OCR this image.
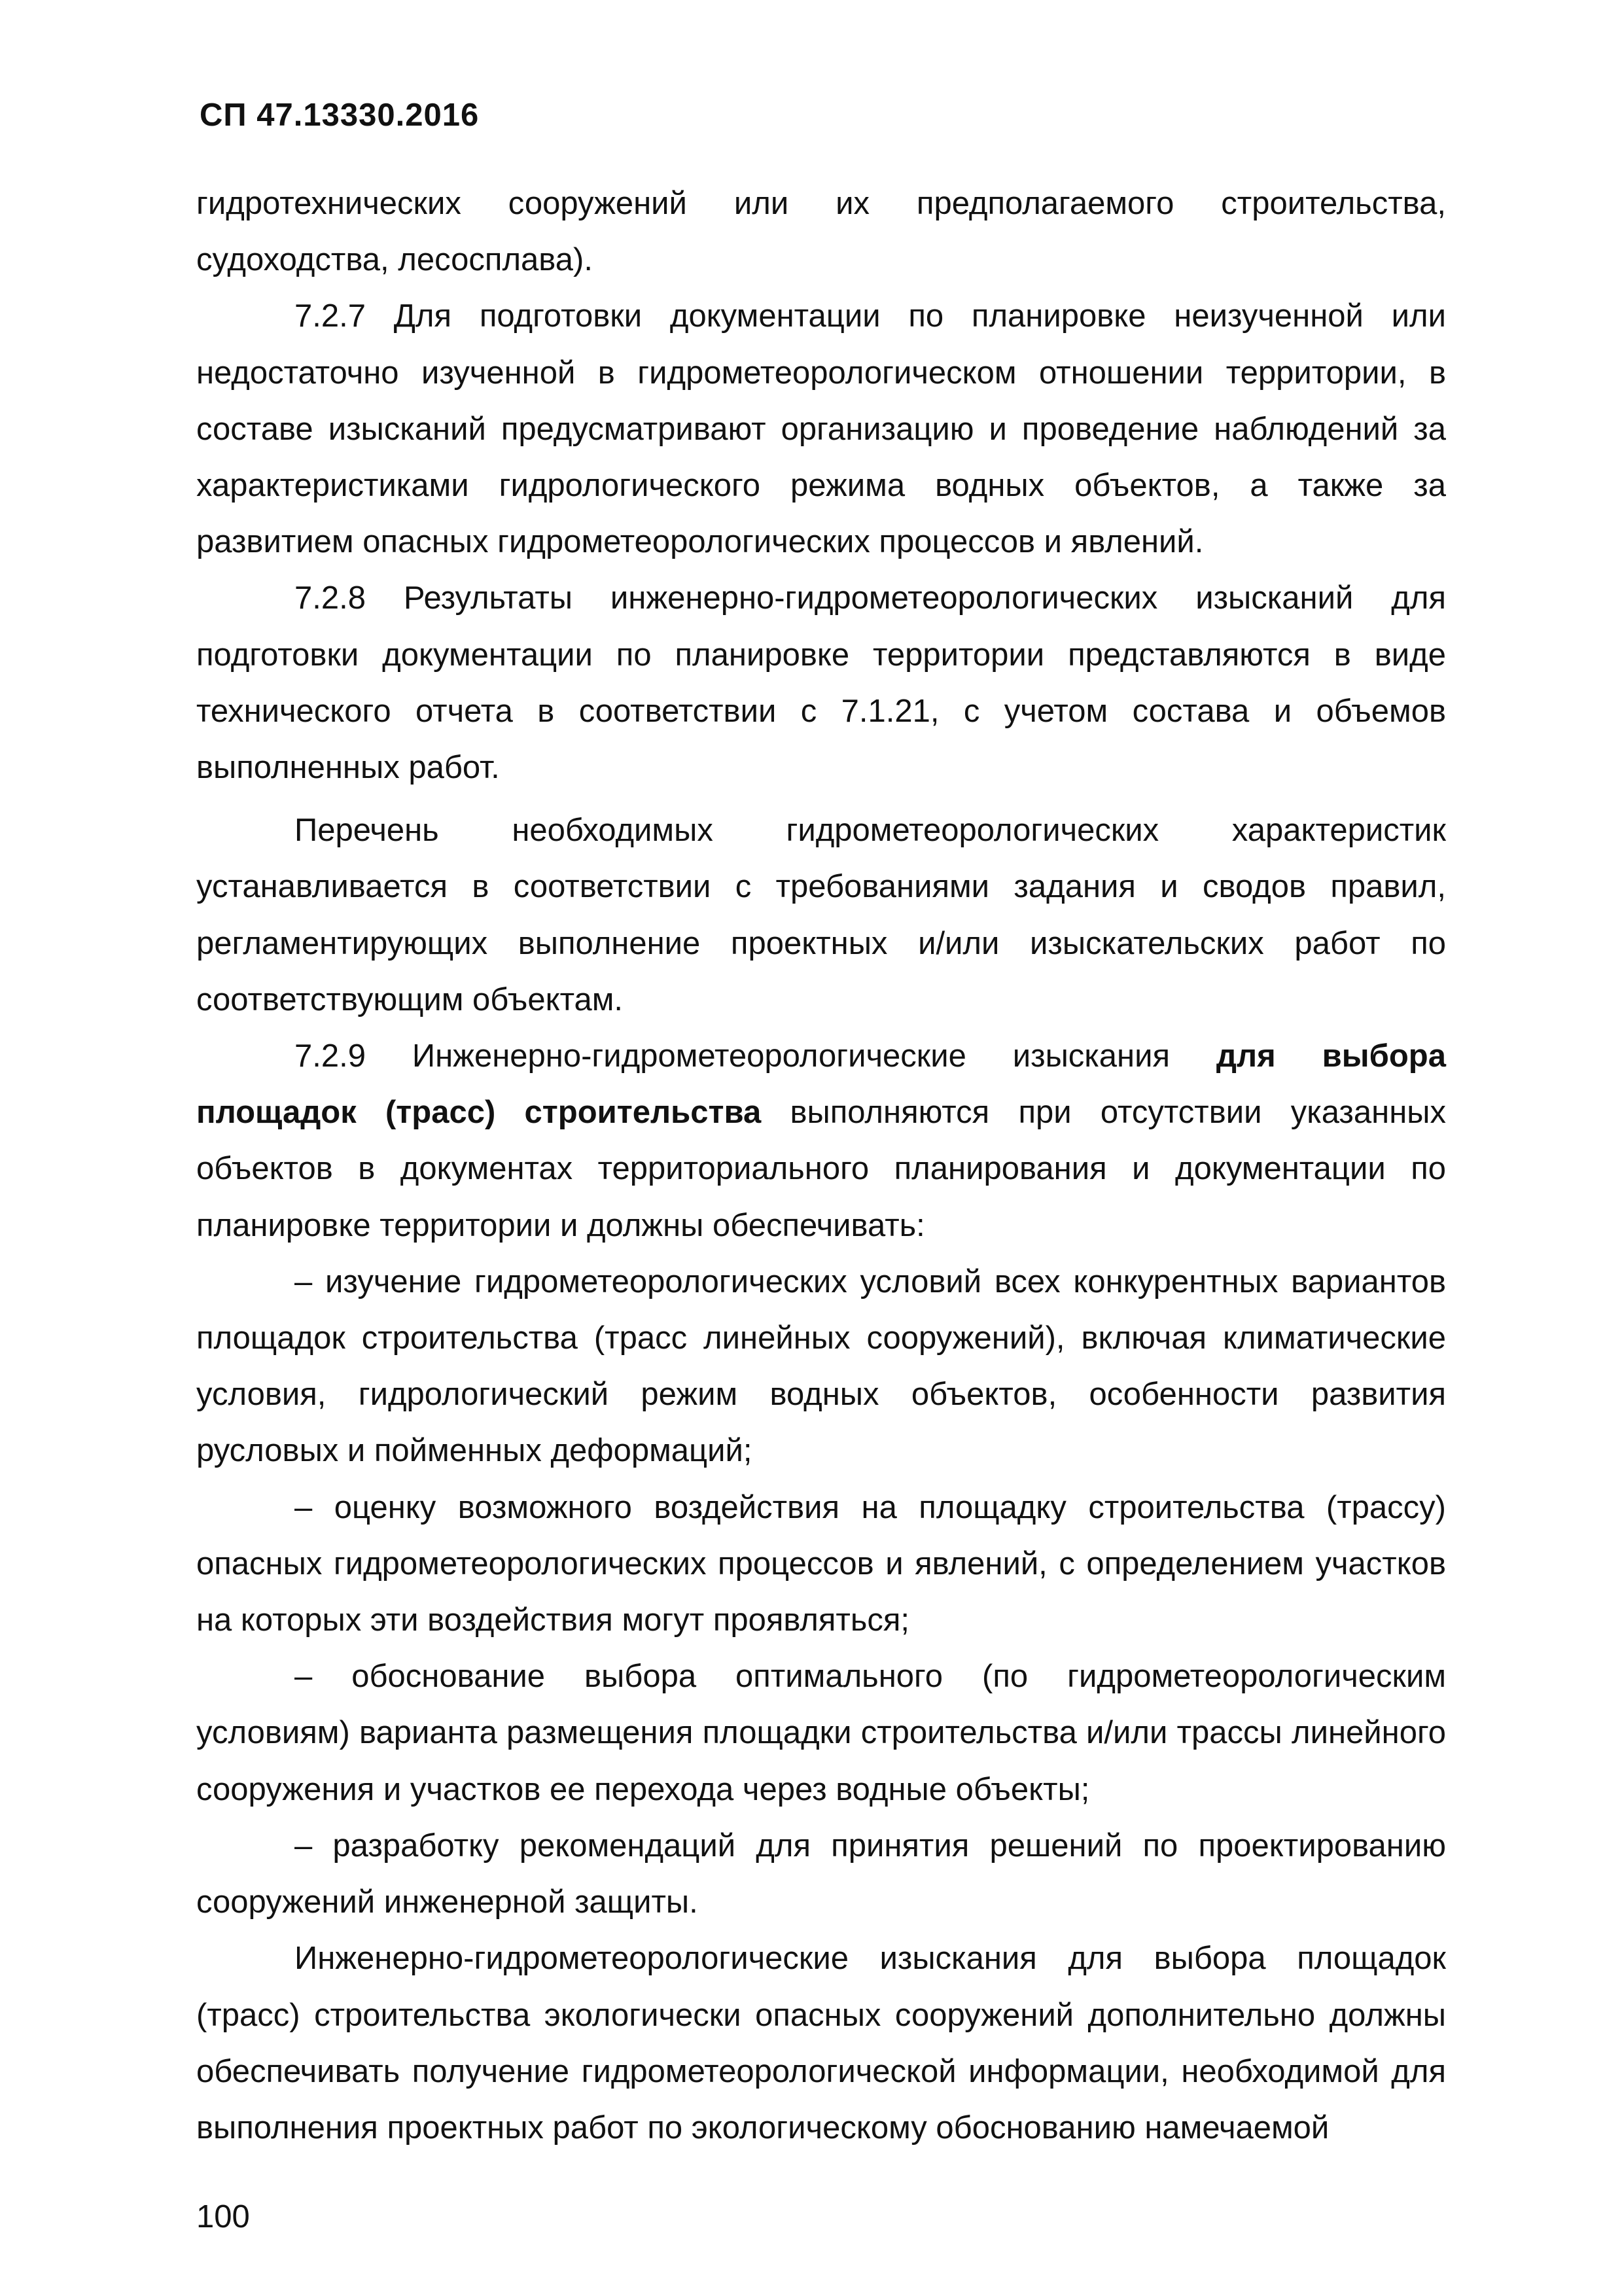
СП 47.13330.2016

гидротехнических сооружений или их предполагаемого строительства, судоходства, лесосплава).

7.2.7 Для подготовки документации по планировке неизученной или недостаточно изученной в гидрометеорологическом отношении территории, в составе изысканий предусматривают организацию и проведение наблюдений за характеристиками гидрологического режима водных объектов, а также за развитием опасных гидрометеорологических процессов и явлений.

7.2.8 Результаты инженерно-гидрометеорологических изысканий для подготовки документации по планировке территории представляются в виде технического отчета в соответствии с 7.1.21, с учетом состава и объемов выполненных работ.

Перечень необходимых гидрометеорологических характеристик устанавливается в соответствии с требованиями задания и сводов правил, регламентирующих выполнение проектных и/или изыскательских работ по соответствующим объектам.

7.2.9 Инженерно-гидрометеорологические изыскания для выбора площадок (трасс) строительства выполняются при отсутствии указанных объектов в документах территориального планирования и документации по планировке территории и должны обеспечивать:

– изучение гидрометеорологических условий всех конкурентных вариантов площадок строительства (трасс линейных сооружений), включая климатические условия, гидрологический режим водных объектов, особенности развития русловых и пойменных деформаций;

– оценку возможного воздействия на площадку строительства (трассу) опасных гидрометеорологических процессов и явлений, с определением участков на которых эти воздействия могут проявляться;

– обоснование выбора оптимального (по гидрометеорологическим условиям) варианта размещения площадки строительства и/или трассы линейного сооружения и участков ее перехода через водные объекты;

– разработку рекомендаций для принятия решений по проектированию сооружений инженерной защиты.

Инженерно-гидрометеорологические изыскания для выбора площадок (трасс) строительства экологически опасных сооружений дополнительно должны обеспечивать получение гидрометеорологической информации, необходимой для выполнения проектных работ по экологическому обоснованию намечаемой

100
